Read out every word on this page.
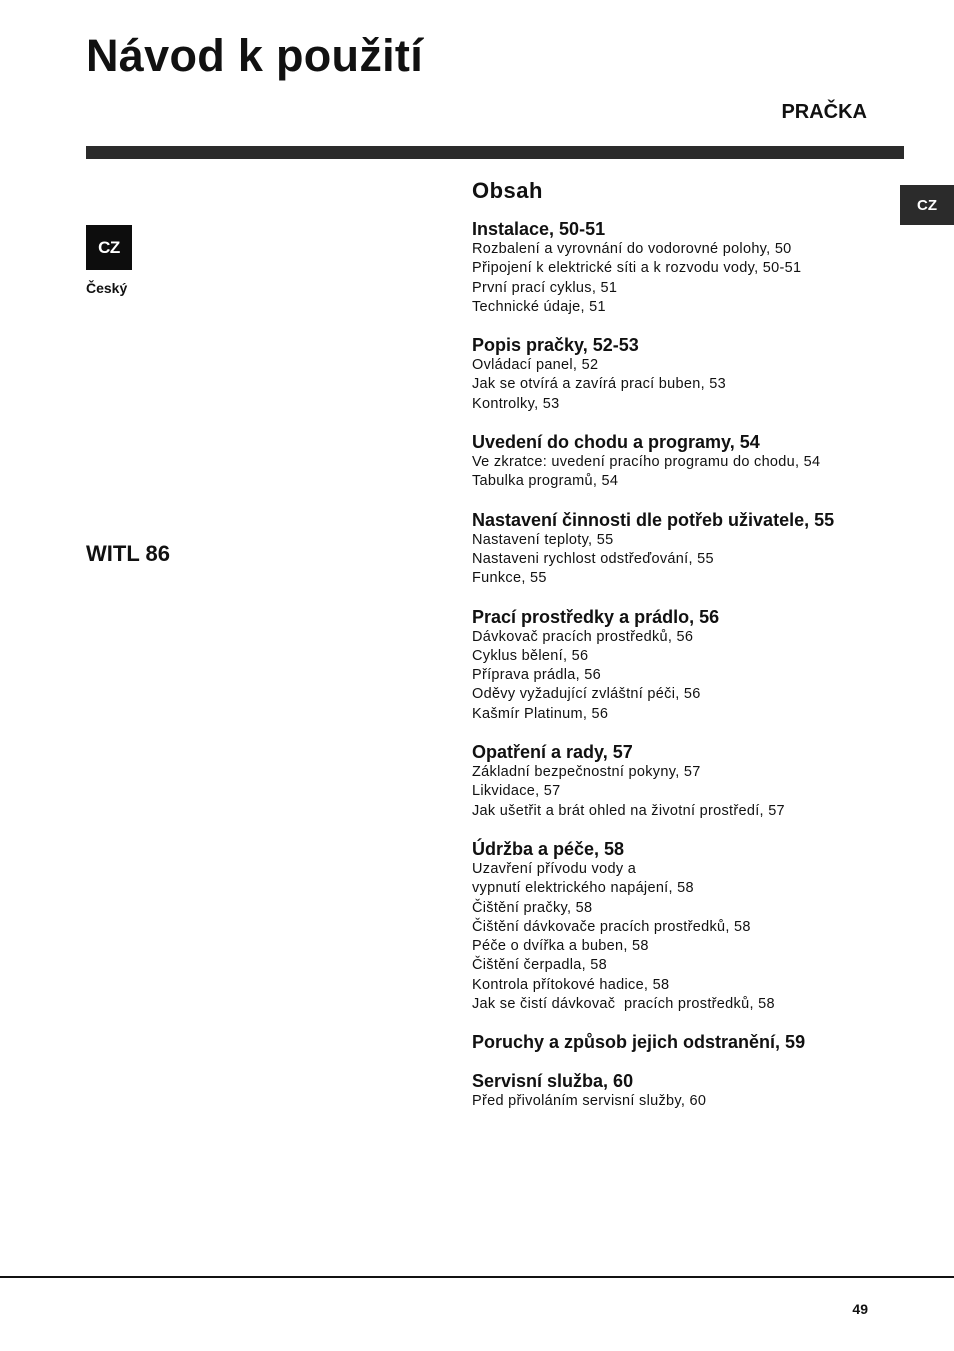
Návod k použití
PRAČKA
CZ
CZ
Český
WITL 86
Obsah
Instalace, 50-51
Rozbalení a vyrovnání do vodorovné polohy, 50
Připojení k elektrické síti a k rozvodu vody, 50-51
První prací cyklus, 51
Technické údaje, 51
Popis pračky, 52-53
Ovládací panel, 52
Jak se otvírá a zavírá prací buben, 53
Kontrolky, 53
Uvedení do chodu a programy, 54
Ve zkratce: uvedení pracího programu do chodu, 54
Tabulka programů, 54
Nastavení činnosti dle potřeb uživatele, 55
Nastavení teploty, 55
Nastaveni rychlost odstřeďování, 55
Funkce, 55
Prací prostředky a prádlo, 56
Dávkovač pracích prostředků, 56
Cyklus bělení, 56
Příprava prádla, 56
Oděvy vyžadující zvláštní péči, 56
Kašmír Platinum, 56
Opatření a rady, 57
Základní bezpečnostní pokyny, 57
Likvidace, 57
Jak ušetřit a brát ohled na životní prostředí, 57
Údržba a péče, 58
Uzavření přívodu vody a
vypnutí elektrického napájení, 58
Čištění pračky, 58
Čištění dávkovače pracích prostředků, 58
Péče o dvířka a buben, 58
Čištění čerpadla, 58
Kontrola přítokové hadice, 58
Jak se čistí dávkovač  pracích prostředků, 58
Poruchy a způsob jejich odstranění, 59
Servisní služba, 60
Před přivoláním servisní služby, 60
49
